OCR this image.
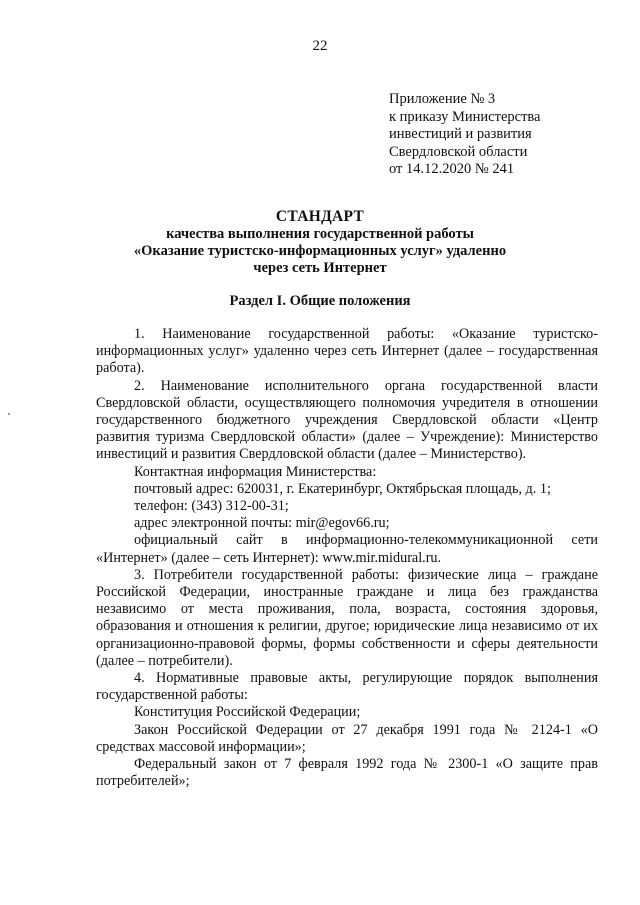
22
Приложение № 3
к приказу Министерства
инвестиций и развития
Свердловской области
от 14.12.2020 № 241
СТАНДАРТ
качества выполнения государственной работы
«Оказание туристско-информационных услуг» удаленно
через сеть Интернет
Раздел I. Общие положения

1. Наименование государственной работы: «Оказание туристско-информационных услуг» удаленно через сеть Интернет (далее – государственная работа).

2. Наименование исполнительного органа государственной власти Свердловской области, осуществляющего полномочия учредителя в отношении государственного бюджетного учреждения Свердловской области «Центр развития туризма Свердловской области» (далее – Учреждение): Министерство инвестиций и развития Свердловской области (далее – Министерство).

Контактная информация Министерства:

почтовый адрес: 620031, г. Екатеринбург, Октябрьская площадь, д. 1;

телефон: (343) 312-00-31;

адрес электронной почты: mir@egov66.ru;

официальный сайт в информационно-телекоммуникационной сети «Интернет» (далее – сеть Интернет): www.mir.midural.ru.

3. Потребители государственной работы: физические лица – граждане Российской Федерации, иностранные граждане и лица без гражданства независимо от места проживания, пола, возраста, состояния здоровья, образования и отношения к религии, другое; юридические лица независимо от их организационно-правовой формы, формы собственности и сферы деятельности (далее – потребители).

4. Нормативные правовые акты, регулирующие порядок выполнения государственной работы:

Конституция Российской Федерации;

Закон Российской Федерации от 27 декабря 1991 года № 2124-1 «О средствах массовой информации»;

Федеральный закон от 7 февраля 1992 года № 2300-1 «О защите прав потребителей»;
